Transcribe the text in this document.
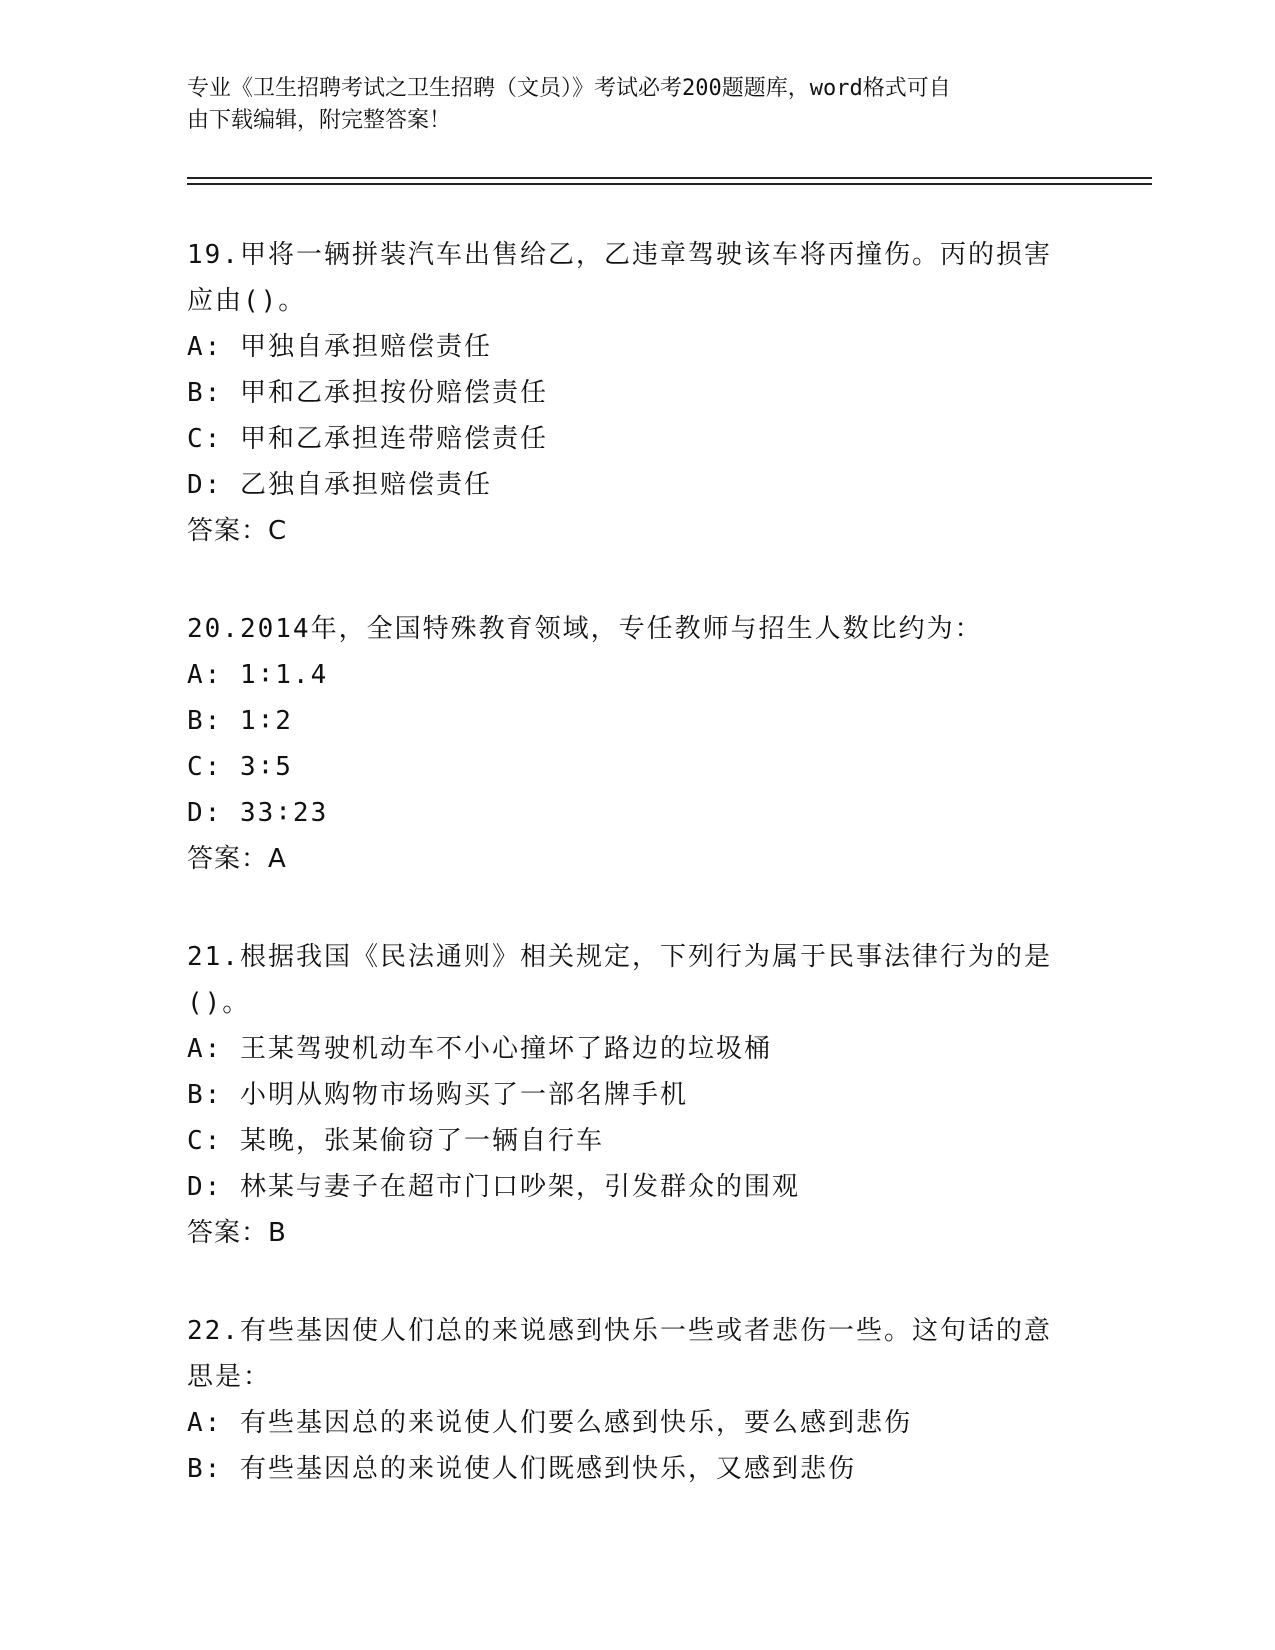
专业《卫生招聘考试之卫生招聘（文员）》考试必考200题题库，word格式可自
由下载编辑，附完整答案！

19.甲将一辆拼装汽车出售给乙，乙违章驾驶该车将丙撞伤。丙的损害

应由()。

A: 甲独自承担赔偿责任

B: 甲和乙承担按份赔偿责任

C: 甲和乙承担连带赔偿责任

D: 乙独自承担赔偿责任

答案：C

20.2014年，全国特殊教育领域，专任教师与招生人数比约为：

A: 1∶1.4

B: 1∶2

C: 3∶5

D: 33∶23

答案：A

21.根据我国《民法通则》相关规定，下列行为属于民事法律行为的是

()。

A: 王某驾驶机动车不小心撞坏了路边的垃圾桶

B: 小明从购物市场购买了一部名牌手机

C: 某晚，张某偷窃了一辆自行车

D: 林某与妻子在超市门口吵架，引发群众的围观

答案：B

22.有些基因使人们总的来说感到快乐一些或者悲伤一些。这句话的意

思是：

A: 有些基因总的来说使人们要么感到快乐，要么感到悲伤

B: 有些基因总的来说使人们既感到快乐，又感到悲伤
